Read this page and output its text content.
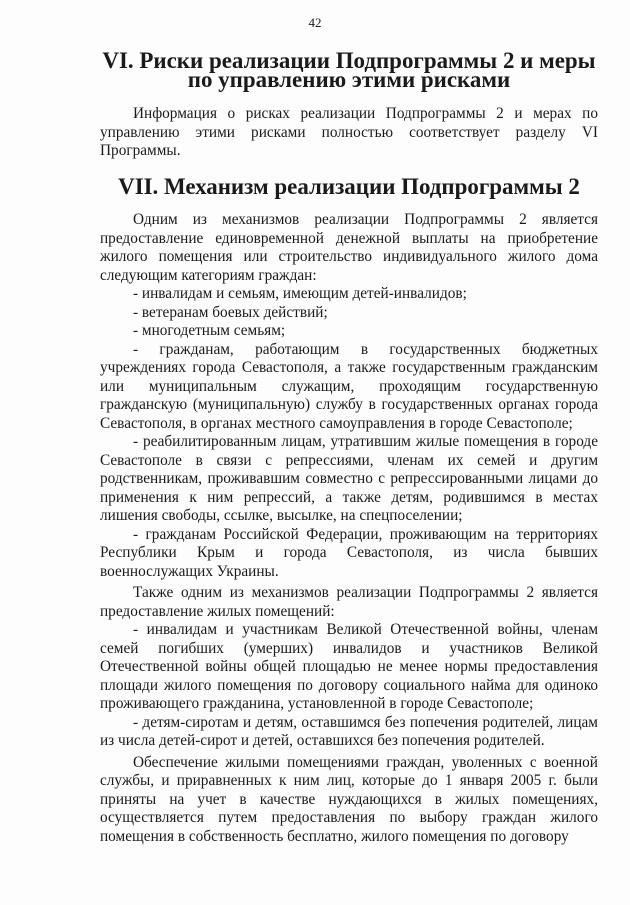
42
VI. Риски реализации Подпрограммы 2 и меры
по управлению этими рисками

Информация о рисках реализации Подпрограммы 2 и мерах по управлению этими рисками полностью соответствует разделу VI Программы.

VII. Механизм реализации Подпрограммы 2

Одним из механизмов реализации Подпрограммы 2 является предоставление единовременной денежной выплаты на приобретение жилого помещения или строительство индивидуального жилого дома следующим категориям граждан:

- инвалидам и семьям, имеющим детей-инвалидов;

- ветеранам боевых действий;

- многодетным семьям;

- гражданам, работающим в государственных бюджетных учреждениях города Севастополя, а также государственным гражданским или муниципальным служащим, проходящим государственную гражданскую (муниципальную) службу в государственных органах города Севастополя, в органах местного самоуправления в городе Севастополе;

- реабилитированным лицам, утратившим жилые помещения в городе Севастополе в связи с репрессиями, членам их семей и другим родственникам, проживавшим совместно с репрессированными лицами до применения к ним репрессий, а также детям, родившимся в местах лишения свободы, ссылке, высылке, на спецпоселении;

- гражданам Российской Федерации, проживающим на территориях Республики Крым и города Севастополя, из числа бывших военнослужащих Украины.

Также одним из механизмов реализации Подпрограммы 2 является предоставление жилых помещений:

- инвалидам и участникам Великой Отечественной войны, членам семей погибших (умерших) инвалидов и участников Великой Отечественной войны общей площадью не менее нормы предоставления площади жилого помещения по договору социального найма для одиноко проживающего гражданина, установленной в городе Севастополе;

- детям-сиротам и детям, оставшимся без попечения родителей, лицам из числа детей-сирот и детей, оставшихся без попечения родителей.

Обеспечение жилыми помещениями граждан, уволенных с военной службы, и приравненных к ним лиц, которые до 1 января 2005 г. были приняты на учет в качестве нуждающихся в жилых помещениях, осуществляется путем предоставления по выбору граждан жилого помещения в собственность бесплатно, жилого помещения по договору
